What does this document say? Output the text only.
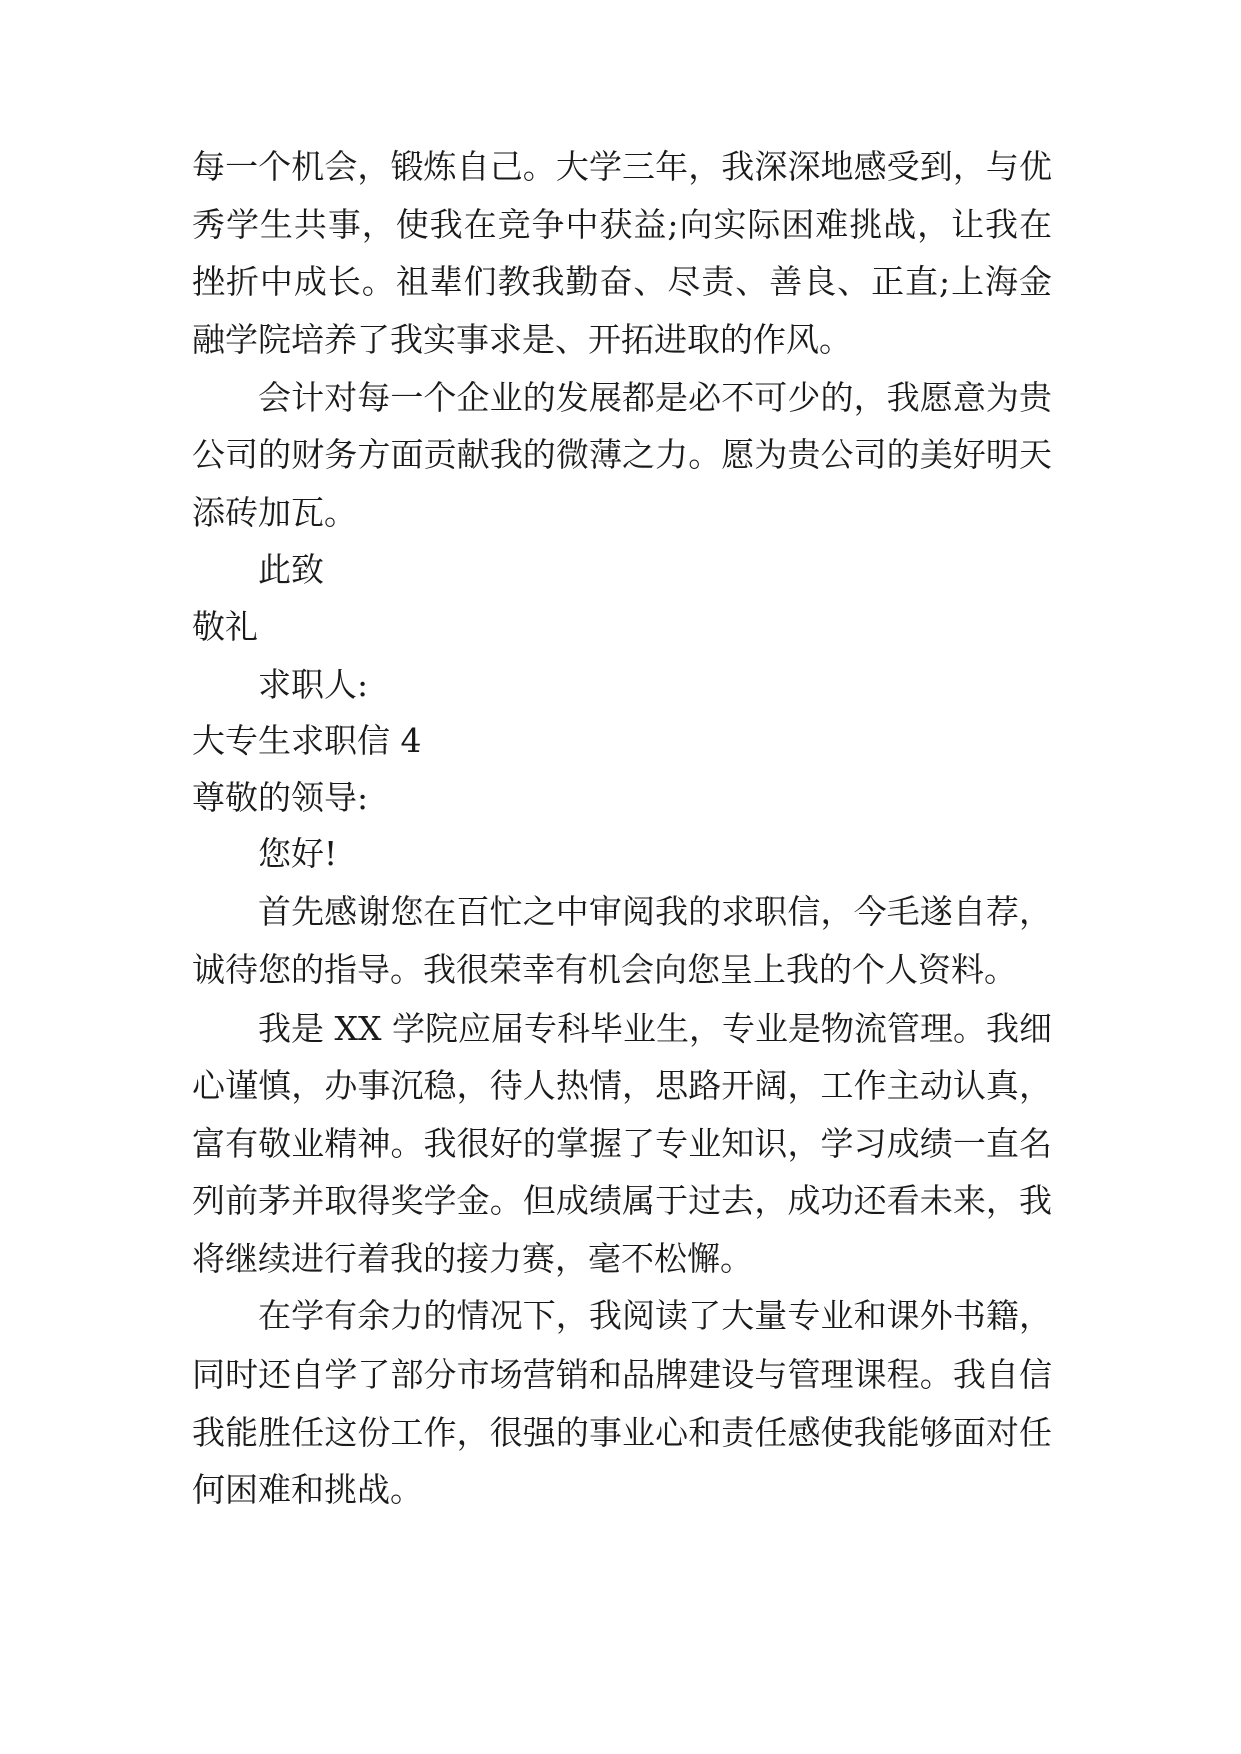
每一个机会，锻炼自己。大学三年，我深深地感受到，与优
秀学生共事，使我在竞争中获益;向实际困难挑战，让我在
挫折中成长。祖辈们教我勤奋、尽责、善良、正直;上海金
融学院培养了我实事求是、开拓进取的作风。
会计对每一个企业的发展都是必不可少的，我愿意为贵
公司的财务方面贡献我的微薄之力。愿为贵公司的美好明天
添砖加瓦。
此致
敬礼
求职人:
大专生求职信 4
尊敬的领导:
您好!
首先感谢您在百忙之中审阅我的求职信，今毛遂自荐，
诚待您的指导。我很荣幸有机会向您呈上我的个人资料。
我是 XX 学院应届专科毕业生，专业是物流管理。我细
心谨慎，办事沉稳，待人热情，思路开阔，工作主动认真，
富有敬业精神。我很好的掌握了专业知识，学习成绩一直名
列前茅并取得奖学金。但成绩属于过去，成功还看未来，我
将继续进行着我的接力赛，毫不松懈。
在学有余力的情况下，我阅读了大量专业和课外书籍，
同时还自学了部分市场营销和品牌建设与管理课程。我自信
我能胜任这份工作，很强的事业心和责任感使我能够面对任
何困难和挑战。
